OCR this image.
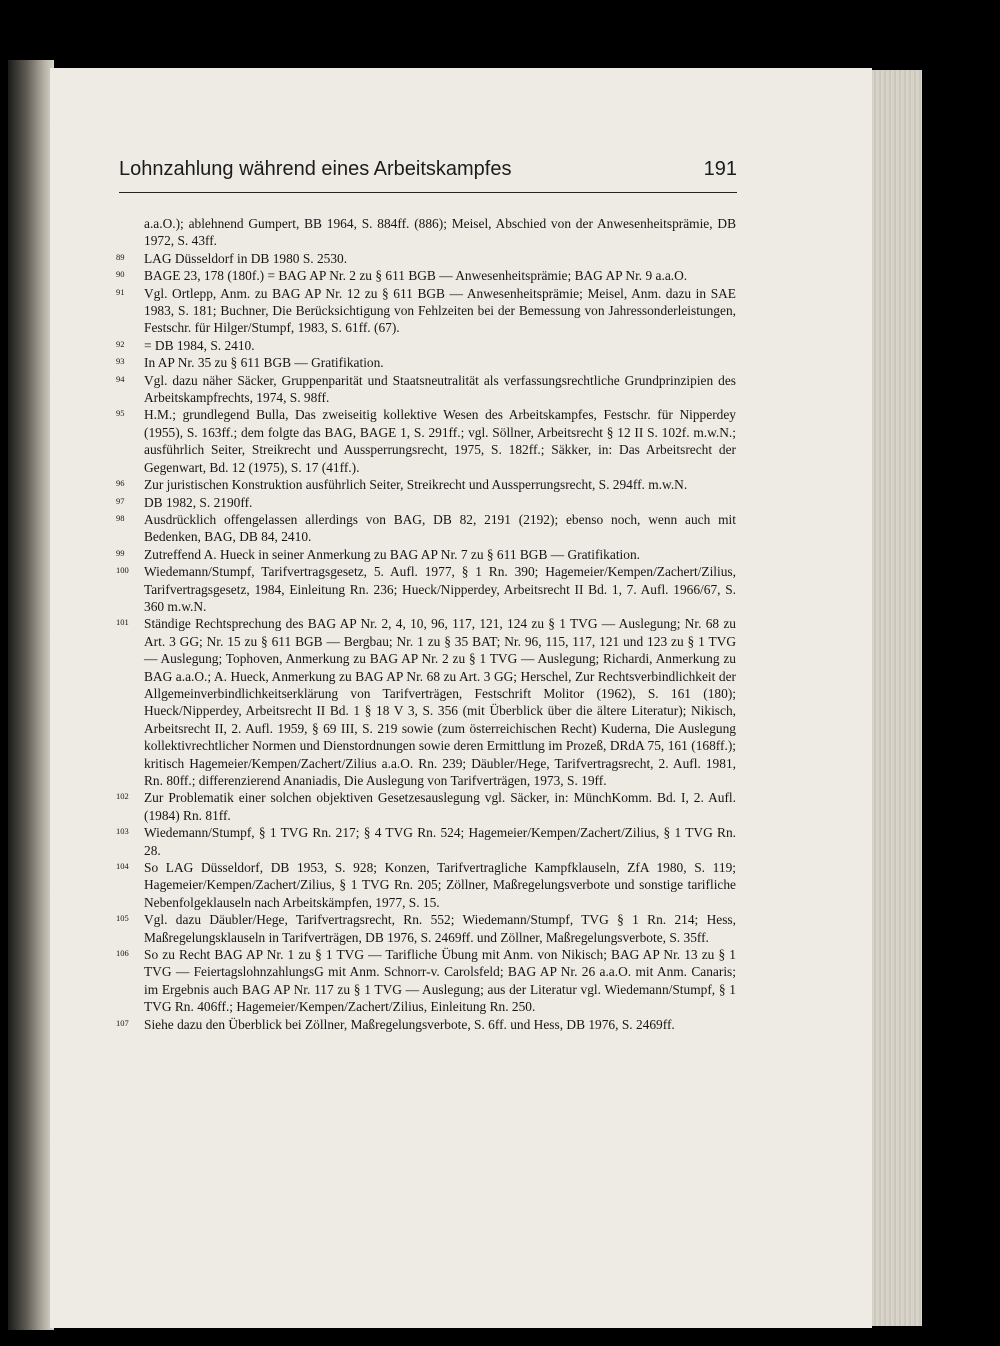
Lohnzahlung während eines Arbeitskampfes	191
a.a.O.); ablehnend Gumpert, BB 1964, S. 884ff. (886); Meisel, Abschied von der Anwesenheitsprämie, DB 1972, S. 43ff.
89	LAG Düsseldorf in DB 1980 S. 2530.
90	BAGE 23, 178 (180f.) = BAG AP Nr. 2 zu § 611 BGB — Anwesenheitsprämie; BAG AP Nr. 9 a.a.O.
91	Vgl. Ortlepp, Anm. zu BAG AP Nr. 12 zu § 611 BGB — Anwesenheitsprämie; Meisel, Anm. dazu in SAE 1983, S. 181; Buchner, Die Berücksichtigung von Fehlzeiten bei der Bemessung von Jahressonderleistungen, Festschr. für Hilger/Stumpf, 1983, S. 61ff. (67).
92	= DB 1984, S. 2410.
93	In AP Nr. 35 zu § 611 BGB — Gratifikation.
94	Vgl. dazu näher Säcker, Gruppenparität und Staatsneutralität als verfassungsrechtliche Grundprinzipien des Arbeitskampfrechts, 1974, S. 98ff.
95	H.M.; grundlegend Bulla, Das zweiseitig kollektive Wesen des Arbeitskampfes, Festschr. für Nipperdey (1955), S. 163ff.; dem folgte das BAG, BAGE 1, S. 291ff.; vgl. Söllner, Arbeitsrecht § 12 II S. 102f. m.w.N.; ausführlich Seiter, Streikrecht und Aussperrungsrecht, 1975, S. 182ff.; Säkker, in: Das Arbeitsrecht der Gegenwart, Bd. 12 (1975), S. 17 (41ff.).
96	Zur juristischen Konstruktion ausführlich Seiter, Streikrecht und Aussperrungsrecht, S. 294ff. m.w.N.
97	DB 1982, S. 2190ff.
98	Ausdrücklich offengelassen allerdings von BAG, DB 82, 2191 (2192); ebenso noch, wenn auch mit Bedenken, BAG, DB 84, 2410.
99	Zutreffend A. Hueck in seiner Anmerkung zu BAG AP Nr. 7 zu § 611 BGB — Gratifikation.
100	Wiedemann/Stumpf, Tarifvertragsgesetz, 5. Aufl. 1977, § 1 Rn. 390; Hagemeier/Kempen/Zachert/Zilius, Tarifvertragsgesetz, 1984, Einleitung Rn. 236; Hueck/Nipperdey, Arbeitsrecht II Bd. 1, 7. Aufl. 1966/67, S. 360 m.w.N.
101	Ständige Rechtsprechung des BAG AP Nr. 2, 4, 10, 96, 117, 121, 124 zu § 1 TVG — Auslegung; Nr. 68 zu Art. 3 GG; Nr. 15 zu § 611 BGB — Bergbau; Nr. 1 zu § 35 BAT; Nr. 96, 115, 117, 121 und 123 zu § 1 TVG — Auslegung; Tophoven, Anmerkung zu BAG AP Nr. 2 zu § 1 TVG — Auslegung; Richardi, Anmerkung zu BAG a.a.O.; A. Hueck, Anmerkung zu BAG AP Nr. 68 zu Art. 3 GG; Herschel, Zur Rechtsverbindlichkeit der Allgemeinverbindlichkeitserklärung von Tarifverträgen, Festschrift Molitor (1962), S. 161 (180); Hueck/Nipperdey, Arbeitsrecht II Bd. 1 § 18 V 3, S. 356 (mit Überblick über die ältere Literatur); Nikisch, Arbeitsrecht II, 2. Aufl. 1959, § 69 III, S. 219 sowie (zum österreichischen Recht) Kuderna, Die Auslegung kollektivrechtlicher Normen und Dienstordnungen sowie deren Ermittlung im Prozeß, DRdA 75, 161 (168ff.); kritisch Hagemeier/Kempen/Zachert/Zilius a.a.O. Rn. 239; Däubler/Hege, Tarifvertragsrecht, 2. Aufl. 1981, Rn. 80ff.; differenzierend Ananiadis, Die Auslegung von Tarifverträgen, 1973, S. 19ff.
102	Zur Problematik einer solchen objektiven Gesetzesauslegung vgl. Säcker, in: MünchKomm. Bd. I, 2. Aufl. (1984) Rn. 81ff.
103	Wiedemann/Stumpf, § 1 TVG Rn. 217; § 4 TVG Rn. 524; Hagemeier/Kempen/Zachert/Zilius, § 1 TVG Rn. 28.
104	So LAG Düsseldorf, DB 1953, S. 928; Konzen, Tarifvertragliche Kampfklauseln, ZfA 1980, S. 119; Hagemeier/Kempen/Zachert/Zilius, § 1 TVG Rn. 205; Zöllner, Maßregelungsverbote und sonstige tarifliche Nebenfolgeklauseln nach Arbeitskämpfen, 1977, S. 15.
105	Vgl. dazu Däubler/Hege, Tarifvertragsrecht, Rn. 552; Wiedemann/Stumpf, TVG § 1 Rn. 214; Hess, Maßregelungsklauseln in Tarifverträgen, DB 1976, S. 2469ff. und Zöllner, Maßregelungsverbote, S. 35ff.
106	So zu Recht BAG AP Nr. 1 zu § 1 TVG — Tarifliche Übung mit Anm. von Nikisch; BAG AP Nr. 13 zu § 1 TVG — FeiertagslohnzahlungsG mit Anm. Schnorr-v. Carolsfeld; BAG AP Nr. 26 a.a.O. mit Anm. Canaris; im Ergebnis auch BAG AP Nr. 117 zu § 1 TVG — Auslegung; aus der Literatur vgl. Wiedemann/Stumpf, § 1 TVG Rn. 406ff.; Hagemeier/Kempen/Zachert/Zilius, Einleitung Rn. 250.
107	Siehe dazu den Überblick bei Zöllner, Maßregelungsverbote, S. 6ff. und Hess, DB 1976, S. 2469ff.
